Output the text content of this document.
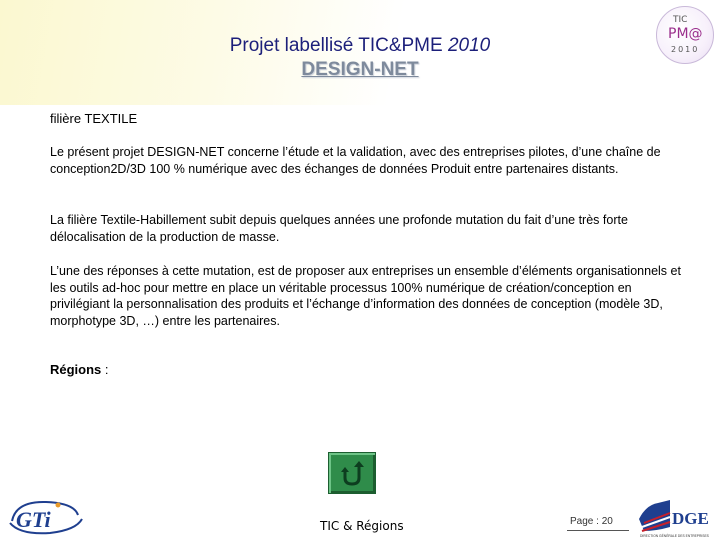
Projet labellisé TIC&PME 2010
DESIGN-NET
TIC
PM@
2010
filière TEXTILE
Le présent projet DESIGN-NET concerne l’étude et la validation, avec des entreprises pilotes, d’une chaîne de conception2D/3D 100 % numérique avec des échanges de données Produit entre partenaires distants.
La filière Textile-Habillement subit depuis quelques années une profonde mutation du fait d’une très forte délocalisation de la production de masse.
L’une des réponses à cette mutation, est de proposer aux entreprises un ensemble d’éléments organisationnels et les outils ad-hoc pour mettre en place un véritable processus 100% numérique de création/conception en privilégiant la personnalisation des produits et l’échange d’information des données de conception (modèle 3D, morphotype 3D, …) entre les partenaires.
Régions :
GTi	TIC & Régions	Page : 20	DGE
DIRECTION GÉNÉRALE DES ENTREPRISES
